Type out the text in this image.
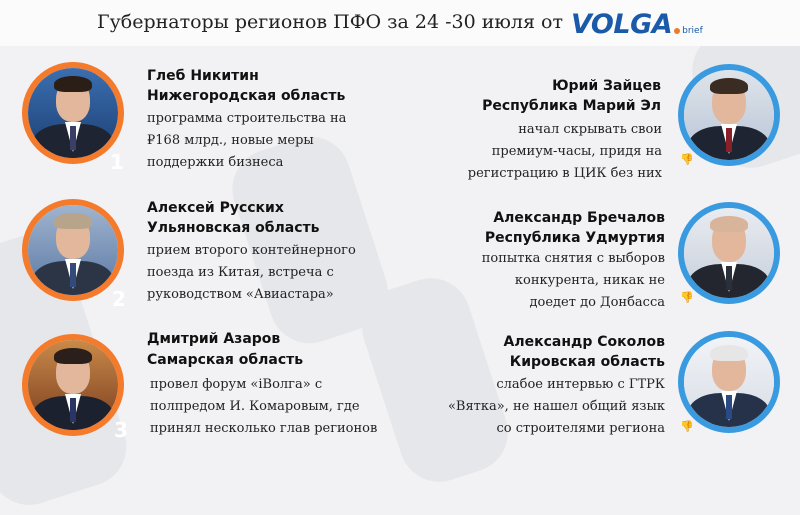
Губернаторы регионов ПФО за 24 -30 июля от VOLGA brief
1
Глеб Никитин
Нижегородская область
программа строительства на
₽168 млрд., новые меры
поддержки бизнеса
2
Алексей Русских
Ульяновская область
прием второго контейнерного
поезда из Китая, встреча с
руководством «Авиастара»
3
Дмитрий Азаров
Самарская область
провел форум «iВолга» с
полпредом И. Комаровым, где
принял несколько глав регионов
👎
Юрий Зайцев
Республика Марий Эл
начал скрывать свои
премиум-часы, придя на
регистрацию в ЦИК без них
👎
Александр Бречалов
Республика Удмуртия
попытка снятия с выборов
конкурента, никак не
доедет до Донбасса
👎
Александр Соколов
Кировская область
слабое интервью с ГТРК
«Вятка», не нашел общий язык
со строителями региона
